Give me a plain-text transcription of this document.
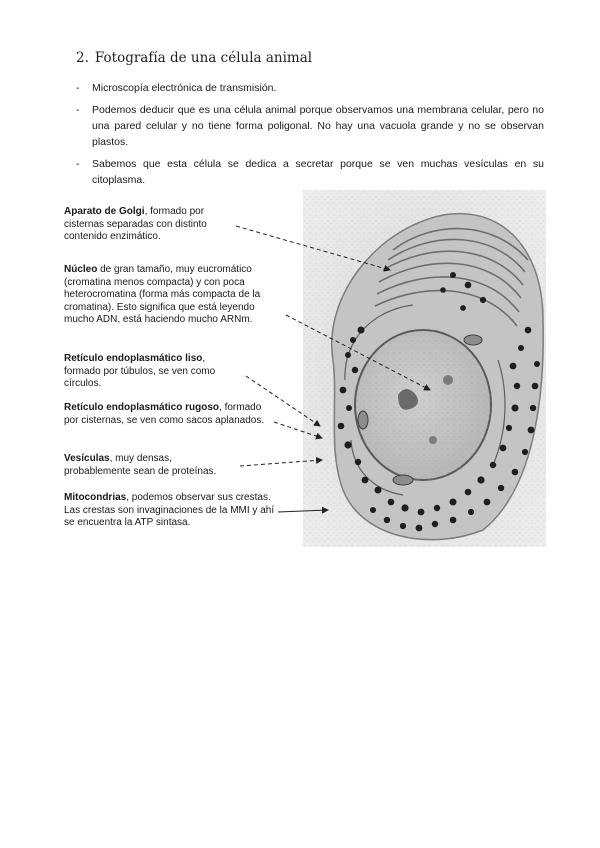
2. Fotografía de una célula animal
- Microscopía electrónica de transmisión.
- Podemos deducir que es una célula animal porque observamos una membrana celular, pero no una pared celular y no tiene forma poligonal. No hay una vacuola grande y no se observan plastos.
- Sabemos que esta célula se dedica a secretar porque se ven muchas vesículas en su citoplasma.
Aparato de Golgi, formado por cisternas separadas con distinto contenido enzimático.
Núcleo de gran tamaño, muy eucromático (cromatina menos compacta) y con poca heterocromatina (forma más compacta de la cromatina). Esto significa que está leyendo mucho ADN, está haciendo mucho ARNm.
Retículo endoplasmático liso, formado por túbulos, se ven como círculos.
Retículo endoplasmático rugoso, formado por cisternas, se ven como sacos aplanados.
Vesículas, muy densas, probablemente sean de proteínas.
Mitocondrias, podemos observar sus crestas. Las crestas son invaginaciones de la MMI y ahí se encuentra la ATP sintasa.
